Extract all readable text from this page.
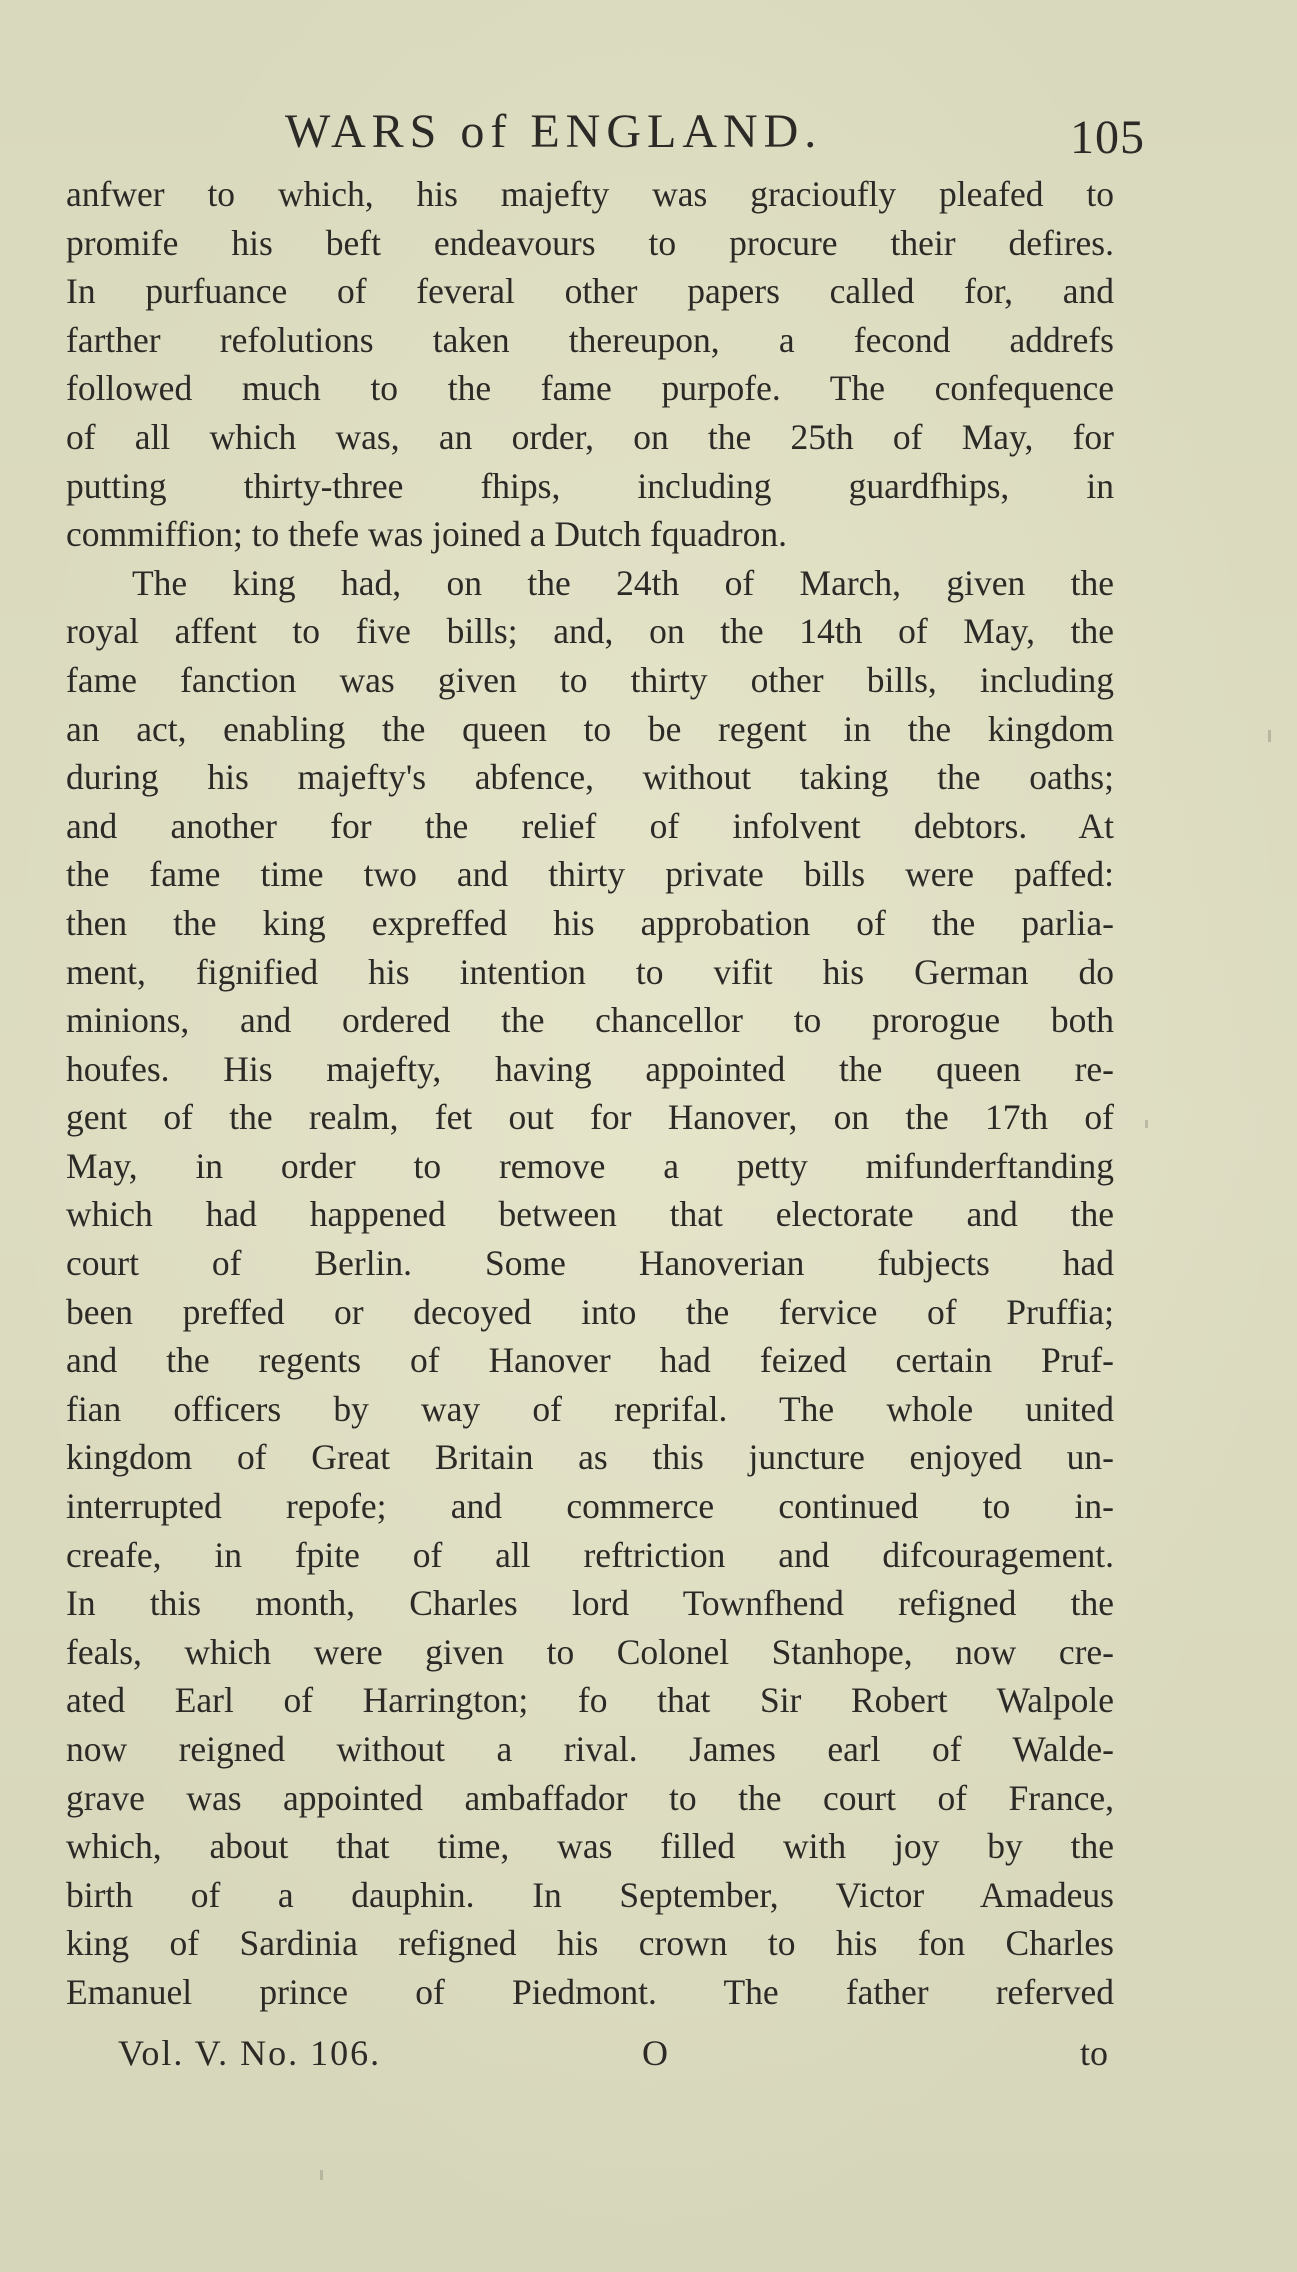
WARS of ENGLAND.	105
anfwer to which, his majefty was gracioufly pleafed to
promife his beft endeavours to procure their defires.
In purfuance of feveral other papers called for, and
farther refolutions taken thereupon, a fecond addrefs
followed much to the fame purpofe. The confequence
of all which was, an order, on the 25th of May, for
putting thirty-three fhips, including guardfhips, in
commiffion; to thefe was joined a Dutch fquadron.
The king had, on the 24th of March, given the
royal affent to five bills; and, on the 14th of May, the
fame fanction was given to thirty other bills, including
an act, enabling the queen to be regent in the kingdom
during his majefty's abfence, without taking the oaths;
and another for the relief of infolvent debtors. At
the fame time two and thirty private bills were paffed:
then the king expreffed his approbation of the parlia-
ment, fignified his intention to vifit his German do
minions, and ordered the chancellor to prorogue both
houfes. His majefty, having appointed the queen re-
gent of the realm, fet out for Hanover, on the 17th of
May, in order to remove a petty mifunderftanding
which had happened between that electorate and the
court of Berlin. Some Hanoverian fubjects had
been preffed or decoyed into the fervice of Pruffia;
and the regents of Hanover had feized certain Pruf-
fian officers by way of reprifal. The whole united
kingdom of Great Britain as this juncture enjoyed un-
interrupted repofe; and commerce continued to in-
creafe, in fpite of all reftriction and difcouragement.
In this month, Charles lord Townfhend refigned the
feals, which were given to Colonel Stanhope, now cre-
ated Earl of Harrington; fo that Sir Robert Walpole
now reigned without a rival. James earl of Walde-
grave was appointed ambaffador to the court of France,
which, about that time, was filled with joy by the
birth of a dauphin. In September, Victor Amadeus
king of Sardinia refigned his crown to his fon Charles
Emanuel prince of Piedmont. The father referved
Vol. V. No. 106.	O	to
